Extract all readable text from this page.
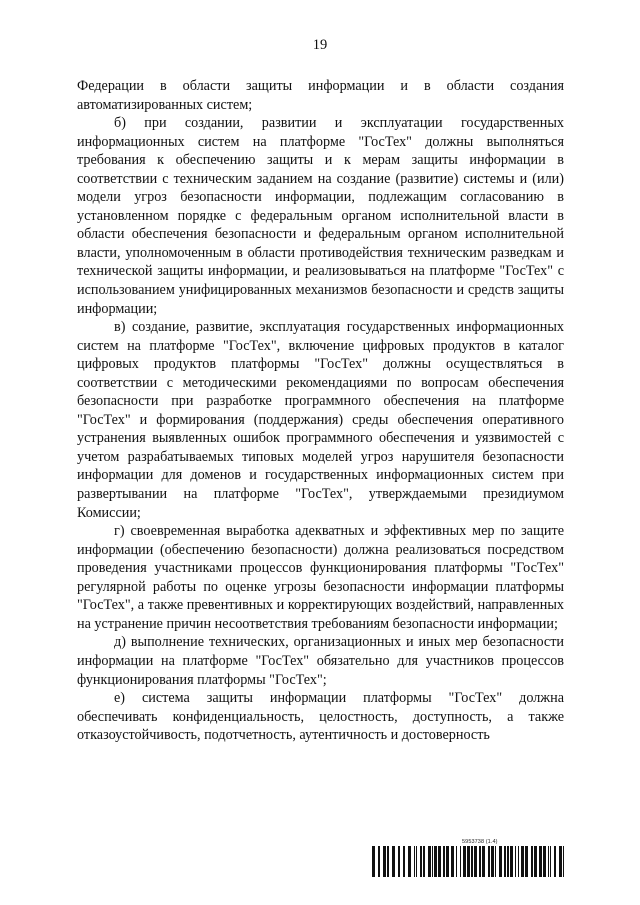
19

Федерации в области защиты информации и в области создания автоматизированных систем;

б) при создании, развитии и эксплуатации государственных информационных систем на платформе "ГосТех" должны выполняться требования к обеспечению защиты и к мерам защиты информации в соответствии с техническим заданием на создание (развитие) системы и (или) модели угроз безопасности информации, подлежащим согласованию в установленном порядке с федеральным органом исполнительной власти в области обеспечения безопасности и федеральным органом исполнительной власти, уполномоченным в области противодействия техническим разведкам и технической защиты информации, и реализовываться на платформе "ГосТех" с использованием унифицированных механизмов безопасности и средств защиты информации;

в) создание, развитие, эксплуатация государственных информационных систем на платформе "ГосТех", включение цифровых продуктов в каталог цифровых продуктов платформы "ГосТех" должны осуществляться в соответствии с методическими рекомендациями по вопросам обеспечения безопасности при разработке программного обеспечения на платформе "ГосТех" и формирования (поддержания) среды обеспечения оперативного устранения выявленных ошибок программного обеспечения и уязвимостей с учетом разрабатываемых типовых моделей угроз нарушителя безопасности информации для доменов и государственных информационных систем при развертывании на платформе "ГосТех", утверждаемыми президиумом Комиссии;

г) своевременная выработка адекватных и эффективных мер по защите информации (обеспечению безопасности) должна реализоваться посредством проведения участниками процессов функционирования платформы "ГосТех" регулярной работы по оценке угрозы безопасности информации платформы "ГосТех", а также превентивных и корректирующих воздействий, направленных на устранение причин несоответствия требованиям безопасности информации;

д) выполнение технических, организационных и иных мер безопасности информации на платформе "ГосТех" обязательно для участников процессов функционирования платформы "ГосТех";

е) система защиты информации платформы "ГосТех" должна обеспечивать конфиденциальность, целостность, доступность, а также отказоустойчивость, подотчетность, аутентичность и достоверность

5953738 (1.4)
